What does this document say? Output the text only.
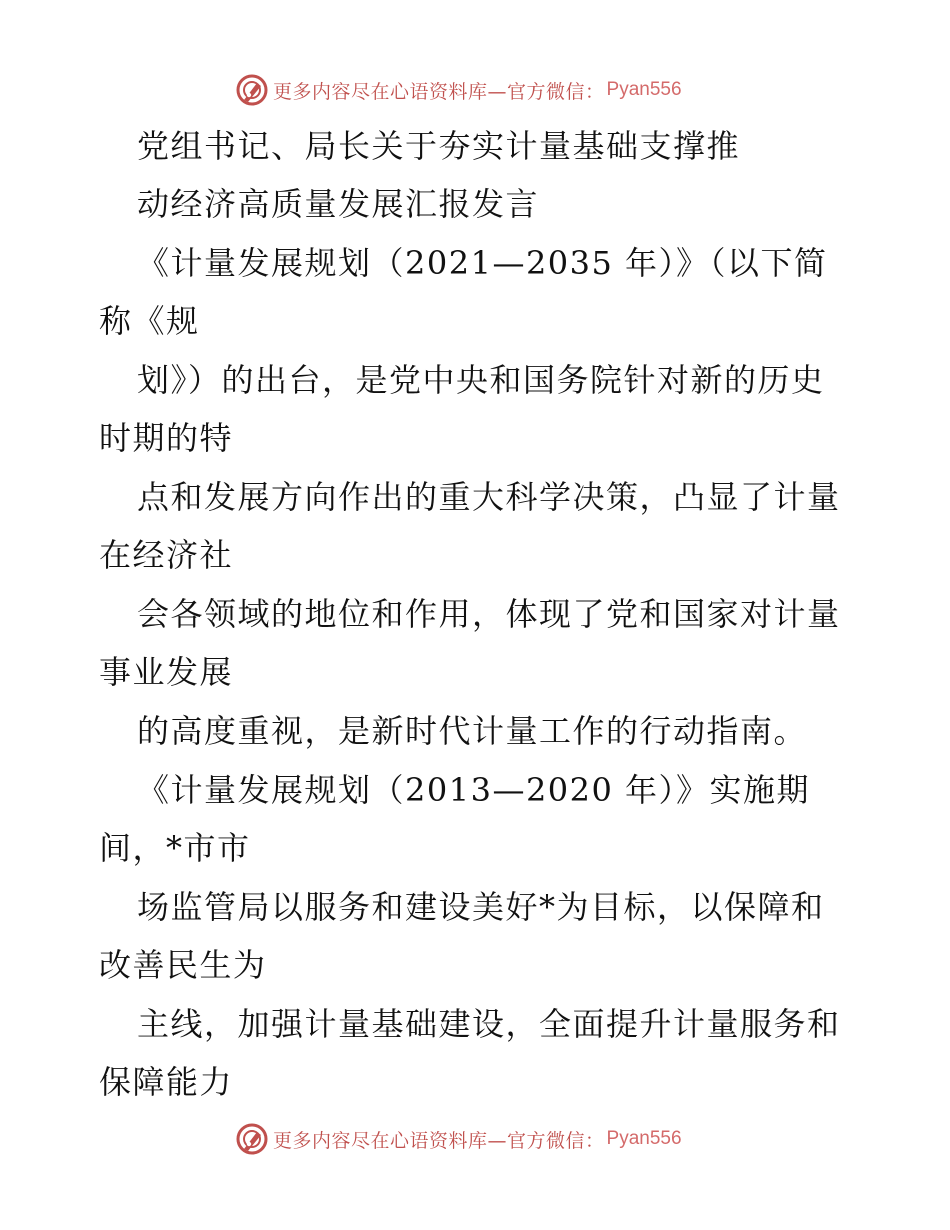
更多内容尽在心语资料库—官方微信： Pyan556
党组书记、局长关于夯实计量基础支撑推
动经济高质量发展汇报发言
《计量发展规划（2021—2035 年）》（以下简
称《规
划》）的出台，是党中央和国务院针对新的历史
时期的特
点和发展方向作出的重大科学决策，凸显了计量
在经济社
会各领域的地位和作用，体现了党和国家对计量
事业发展
的高度重视，是新时代计量工作的行动指南。
《计量发展规划（2013—2020 年）》实施期
间，*市市
场监管局以服务和建设美好*为目标，以保障和
改善民生为
主线，加强计量基础建设，全面提升计量服务和
保障能力
更多内容尽在心语资料库—官方微信： Pyan556
